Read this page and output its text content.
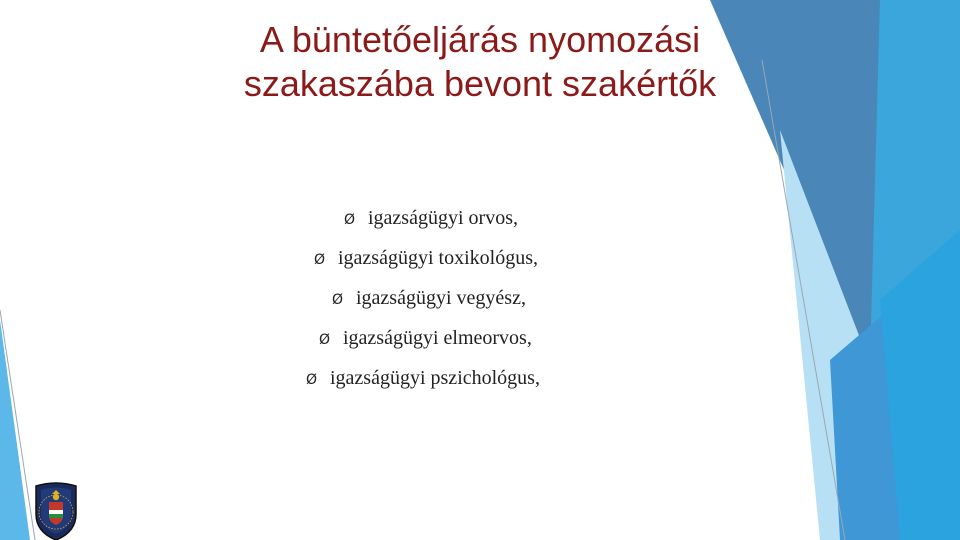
A büntetőeljárás nyomozási
szakaszába bevont szakértők
Ø igazságügyi orvos,
Ø igazságügyi toxikológus,
Ø igazságügyi vegyész,
Ø igazságügyi elmeorvos,
Ø igazságügyi pszichológus,
